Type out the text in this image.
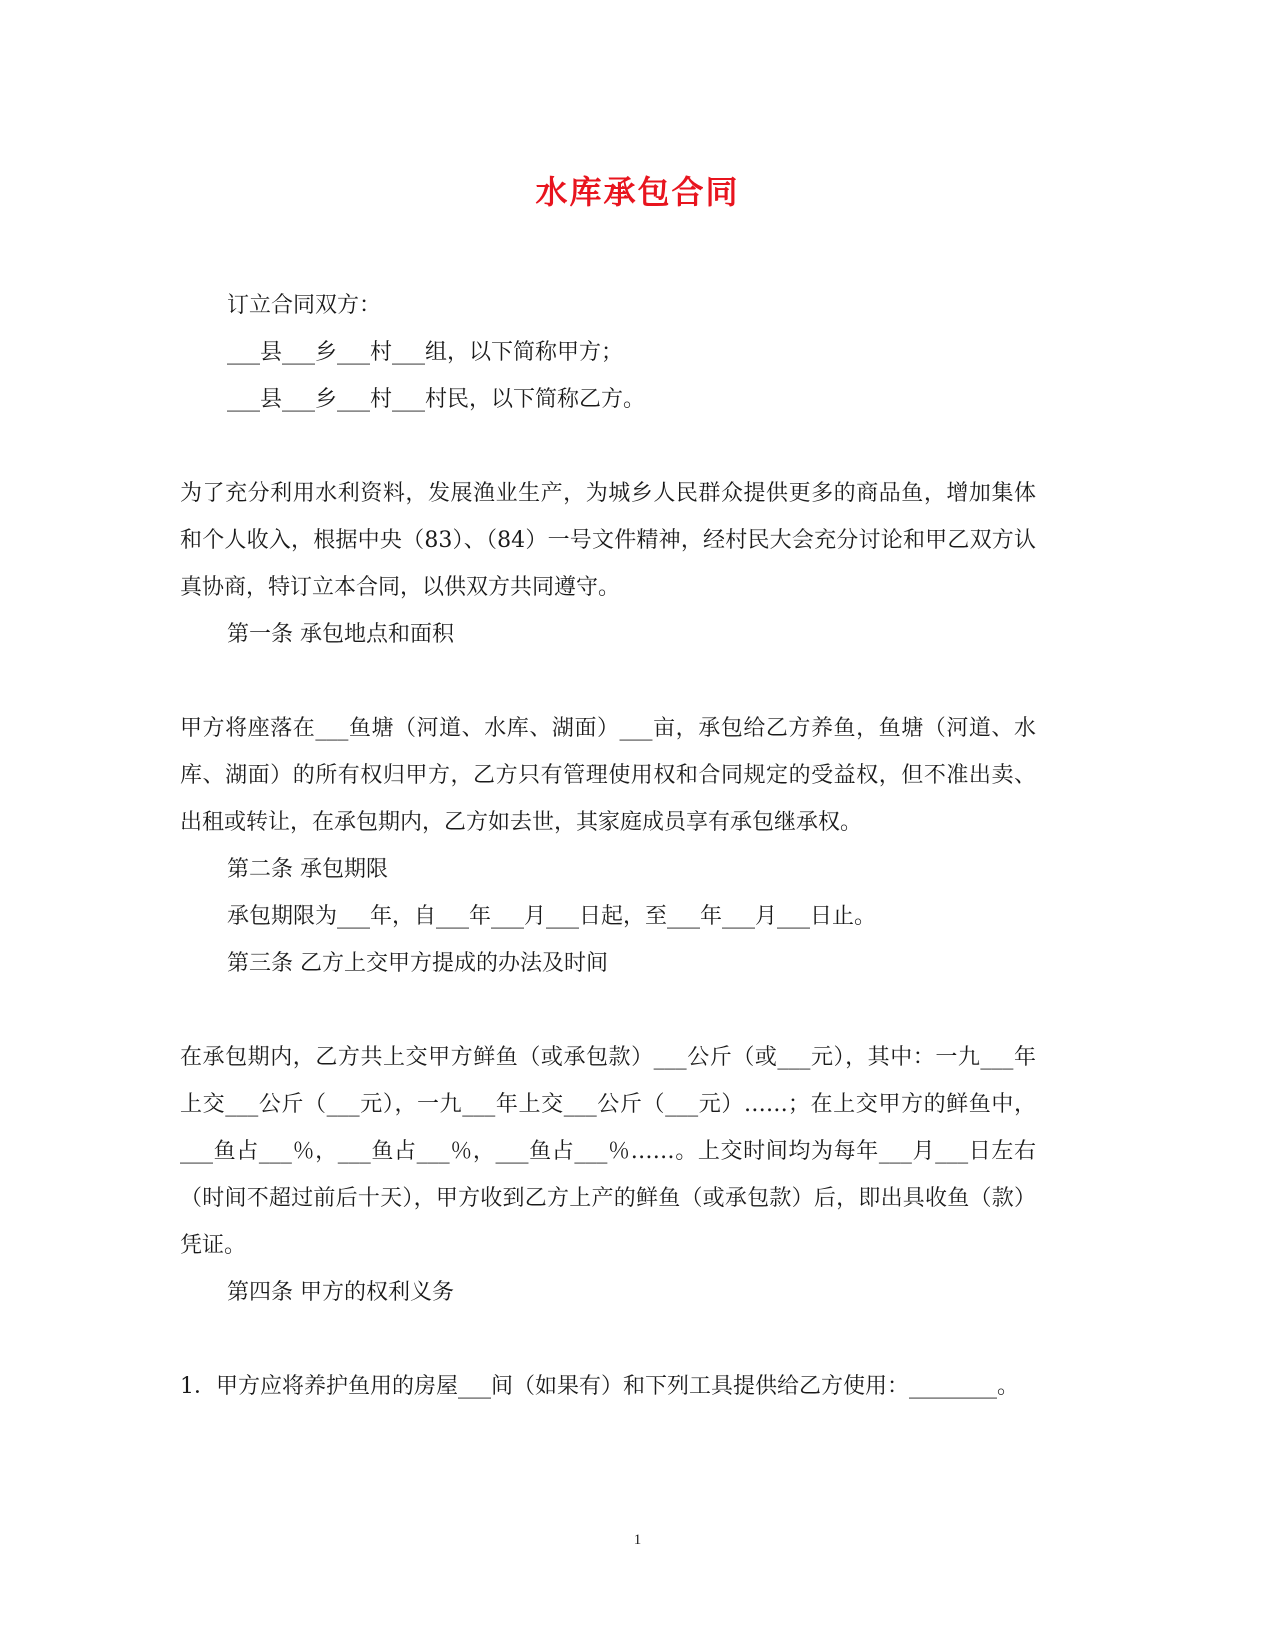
水库承包合同

订立合同双方：

___县___乡___村___组，以下简称甲方；

___县___乡___村___村民，以下简称乙方。

为了充分利用水利资料，发展渔业生产，为城乡人民群众提供更多的商品鱼，增加集体和个人收入，根据中央（83）、（84）一号文件精神，经村民大会充分讨论和甲乙双方认真协商，特订立本合同，以供双方共同遵守。

第一条 承包地点和面积

甲方将座落在___鱼塘（河道、水库、湖面）___亩，承包给乙方养鱼，鱼塘（河道、水库、湖面）的所有权归甲方，乙方只有管理使用权和合同规定的受益权，但不准出卖、出租或转让，在承包期内，乙方如去世，其家庭成员享有承包继承权。

第二条 承包期限

承包期限为___年，自___年___月___日起，至___年___月___日止。

第三条 乙方上交甲方提成的办法及时间

在承包期内，乙方共上交甲方鲜鱼（或承包款）___公斤（或___元），其中：一九___年上交___公斤（___元），一九___年上交___公斤（___元）……；在上交甲方的鲜鱼中，___鱼占___％，___鱼占___％，___鱼占___％……。上交时间均为每年___月___日左右（时间不超过前后十天），甲方收到乙方上产的鲜鱼（或承包款）后，即出具收鱼（款）凭证。

第四条 甲方的权利义务

1．甲方应将养护鱼用的房屋___间（如果有）和下列工具提供给乙方使用：________。

1
